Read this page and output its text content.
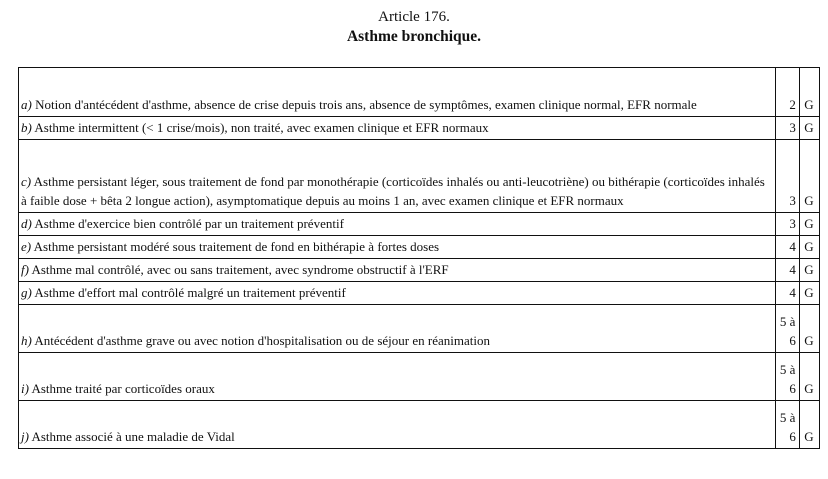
Article 176.
Asthme bronchique.
a) Notion d'antécédent d'asthme, absence de crise depuis trois ans, absence de symptômes, examen clinique normal, EFR normale	2	G
b) Asthme intermittent (< 1 crise/mois), non traité, avec examen clinique et EFR normaux	3	G
c) Asthme persistant léger, sous traitement de fond par monothérapie (corticoïdes inhalés ou anti-leucotriène) ou bithérapie (corticoïdes inhalés à faible dose + bêta 2 longue action), asymptomatique depuis au moins 1 an, avec examen clinique et EFR normaux	3	G
d) Asthme d'exercice bien contrôlé par un traitement préventif	3	G
e) Asthme persistant modéré sous traitement de fond en bithérapie à fortes doses	4	G
f) Asthme mal contrôlé, avec ou sans traitement, avec syndrome obstructif à l'ERF	4	G
g) Asthme d'effort mal contrôlé malgré un traitement préventif	4	G
h) Antécédent d'asthme grave ou avec notion d'hospitalisation ou de séjour en réanimation	5 à
6	G
i) Asthme traité par corticoïdes oraux	5 à
6	G
j) Asthme associé à une maladie de Vidal	5 à
6	G
